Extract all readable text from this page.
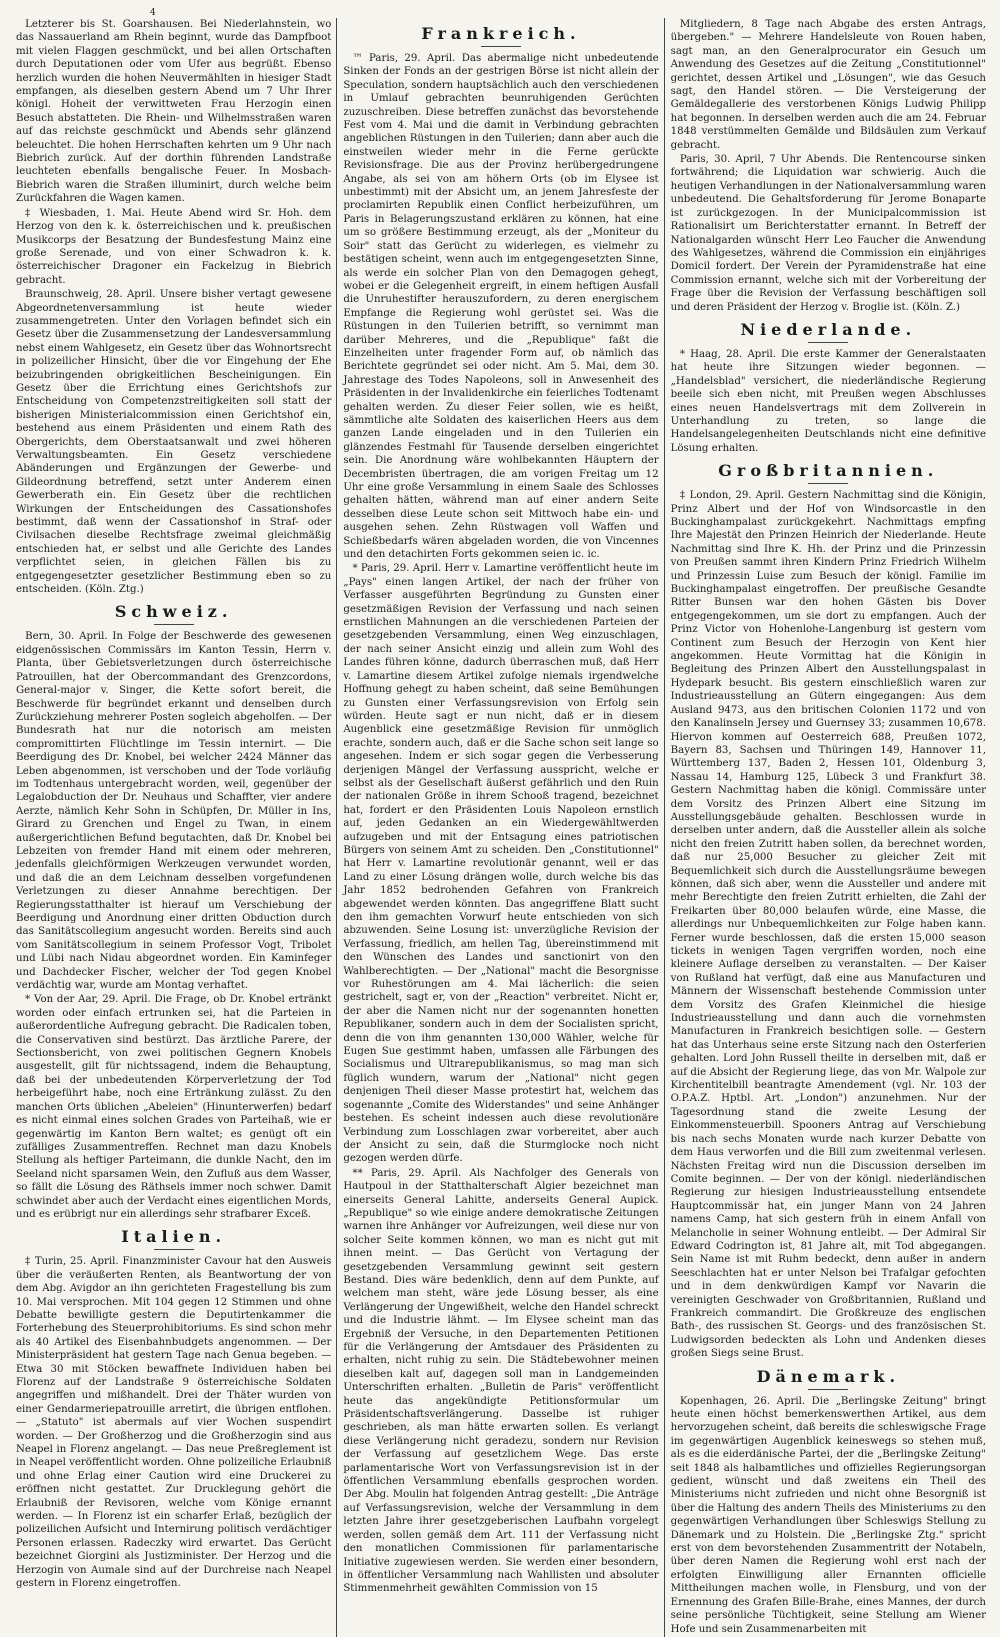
4

Letzterer bis St. Goarshausen. Bei Niederlahnstein, wo das Nassauerland am Rhein beginnt, wurde das Dampfboot mit vielen Flaggen geschmückt, und bei allen Ortschaften durch Deputationen oder vom Ufer aus begrüßt. Ebenso herzlich wurden die hohen Neuvermählten in hiesiger Stadt empfangen, als dieselben gestern Abend um 7 Uhr Ihrer königl. Hoheit der verwittweten Frau Herzogin einen Besuch abstatteten. Die Rhein- und Wilhelmsstraßen waren auf das reichste geschmückt und Abends sehr glänzend beleuchtet. Die hohen Herrschaften kehrten um 9 Uhr nach Biebrich zurück. Auf der dorthin führenden Landstraße leuchteten ebenfalls bengalische Feuer. In Mosbach-Biebrich waren die Straßen illuminirt, durch welche beim Zurückfahren die Wagen kamen.

‡ Wiesbaden, 1. Mai. Heute Abend wird Sr. Hoh. dem Herzog von den k. k. österreichischen und k. preußischen Musikcorps der Besatzung der Bundesfestung Mainz eine große Serenade, und von einer Schwadron k. k. österreichischer Dragoner ein Fackelzug in Biebrich gebracht.

Braunschweig, 28. April. Unsere bisher vertagt gewesene Abgeordnetenversammlung ist heute wieder zusammengetreten. Unter den Vorlagen befindet sich ein Gesetz über die Zusammensetzung der Landesversammlung nebst einem Wahlgesetz, ein Gesetz über das Wohnortsrecht in polizeilicher Hinsicht, über die vor Eingehung der Ehe beizubringenden obrigkeitlichen Bescheinigungen. Ein Gesetz über die Errichtung eines Gerichtshofs zur Entscheidung von Competenzstreitigkeiten soll statt der bisherigen Ministerialcommission einen Gerichtshof ein, bestehend aus einem Präsidenten und einem Rath des Obergerichts, dem Oberstaatsanwalt und zwei höheren Verwaltungsbeamten. Ein Gesetz verschiedene Abänderungen und Ergänzungen der Gewerbe- und Gildeordnung betreffend, setzt unter Anderem einen Gewerberath ein. Ein Gesetz über die rechtlichen Wirkungen der Entscheidungen des Cassationshofes bestimmt, daß wenn der Cassationshof in Straf- oder Civilsachen dieselbe Rechtsfrage zweimal gleichmäßig entschieden hat, er selbst und alle Gerichte des Landes verpflichtet seien, in gleichen Fällen bis zu entgegengesetzter gesetzlicher Bestimmung eben so zu entscheiden. (Köln. Ztg.)

Schweiz.

Bern, 30. April. In Folge der Beschwerde des gewesenen eidgenössischen Commissärs im Kanton Tessin, Herrn v. Planta, über Gebietsverletzungen durch österreichische Patrouillen, hat der Obercommandant des Grenzcordons, General-major v. Singer, die Kette sofort bereit, die Beschwerde für begründet erkannt und denselben durch Zurückziehung mehrerer Posten sogleich abgeholfen. — Der Bundesrath hat nur die notorisch am meisten compromittirten Flüchtlinge im Tessin internirt. — Die Beerdigung des Dr. Knobel, bei welcher 2424 Männer das Leben abgenommen, ist verschoben und der Tode vorläufig im Todtenhaus untergebracht worden, weil, gegenüber der Legalobduction der Dr. Neuhaus und Schaffter, vier andere Aerzte, nämlich Kehr Sohn in Schüpfen, Dr. Müller in Ins, Girard zu Grenchen und Engel zu Twan, in einem außergerichtlichen Befund begutachten, daß Dr. Knobel bei Lebzeiten von fremder Hand mit einem oder mehreren, jedenfalls gleichförmigen Werkzeugen verwundet worden, und daß die an dem Leichnam desselben vorgefundenen Verletzungen zu dieser Annahme berechtigen. Der Regierungsstatthalter ist hierauf um Verschiebung der Beerdigung und Anordnung einer dritten Obduction durch das Sanitätscollegium angesucht worden. Bereits sind auch vom Sanitätscollegium in seinem Professor Vogt, Tribolet und Lübi nach Nidau abgeordnet worden. Ein Kaminfeger und Dachdecker Fischer, welcher der Tod gegen Knobel verdächtig war, wurde am Montag verhaftet.

* Von der Aar, 29. April. Die Frage, ob Dr. Knobel ertränkt worden oder einfach ertrunken sei, hat die Parteien in außerordentliche Aufregung gebracht. Die Radicalen toben, die Conservativen sind bestürzt. Das ärztliche Parere, der Sectionsbericht, von zwei politischen Gegnern Knobels ausgestellt, gilt für nichtssagend, indem die Behauptung, daß bei der unbedeutenden Körperverletzung der Tod herbeigeführt habe, noch eine Ertränkung zulässt. Zu den manchen Orts üblichen „Abeleien" (Hinunterwerfen) bedarf es nicht einmal eines solchen Grades von Parteihaß, wie er gegenwärtig im Kanton Bern waltet; es genügt oft ein zufälliges Zusammentreffen. Rechnet man dazu Knobels Stellung als heftiger Parteimann, die dunkle Nacht, den im Seeland nicht sparsamen Wein, den Zufluß aus dem Wasser, so fällt die Lösung des Räthsels immer noch schwer. Damit schwindet aber auch der Verdacht eines eigentlichen Mords, und es erübrigt nur ein allerdings sehr strafbarer Exceß.

Italien.

‡ Turin, 25. April. Finanzminister Cavour hat den Ausweis über die veräußerten Renten, als Beantwortung der von dem Abg. Avigdor an ihn gerichteten Fragestellung bis zum 10. Mai versprochen. Mit 104 gegen 12 Stimmen und ohne Debatte bewilligte gestern die Deputirtenkammer die Forterhebung des Steuerprohibitoriums. Es sind schon mehr als 40 Artikel des Eisenbahnbudgets angenommen. — Der Ministerpräsident hat gestern Tage nach Genua begeben. — Etwa 30 mit Stöcken bewaffnete Individuen haben bei Florenz auf der Landstraße 9 österreichische Soldaten angegriffen und mißhandelt. Drei der Thäter wurden von einer Gendarmeriepatrouille arretirt, die übrigen entflohen. — „Statuto" ist abermals auf vier Wochen suspendirt worden. — Der Großherzog und die Großherzogin sind aus Neapel in Florenz angelangt. — Das neue Preßreglement ist in Neapel veröffentlicht worden. Ohne polizeiliche Erlaubniß und ohne Erlag einer Caution wird eine Druckerei zu eröffnen nicht gestattet. Zur Drucklegung gehört die Erlaubniß der Revisoren, welche vom Könige ernannt werden. — In Florenz ist ein scharfer Erlaß, bezüglich der polizeilichen Aufsicht und Internirung politisch verdächtiger Personen erlassen. Radeczky wird erwartet. Das Gerücht bezeichnet Giorgini als Justizminister. Der Herzog und die Herzogin von Aumale sind auf der Durchreise nach Neapel gestern in Florenz eingetroffen.

Frankreich.

™ Paris, 29. April. Das abermalige nicht unbedeutende Sinken der Fonds an der gestrigen Börse ist nicht allein der Speculation, sondern hauptsächlich auch den verschiedenen in Umlauf gebrachten beunruhigenden Gerüchten zuzuschreiben. Diese betreffen zunächst das bevorstehende Fest vom 4. Mai und die damit in Verbindung gebrachten angeblichen Rüstungen in den Tuilerien; dann aber auch die einstweilen wieder mehr in die Ferne gerückte Revisionsfrage. Die aus der Provinz herübergedrungene Angabe, als sei von am höhern Orts (ob im Elysee ist unbestimmt) mit der Absicht um, an jenem Jahresfeste der proclamirten Republik einen Conflict herbeizuführen, um Paris in Belagerungszustand erklären zu können, hat eine um so größere Bestimmung erzeugt, als der „Moniteur du Soir" statt das Gerücht zu widerlegen, es vielmehr zu bestätigen scheint, wenn auch im entgegengesetzten Sinne, als werde ein solcher Plan von den Demagogen gehegt, wobei er die Gelegenheit ergreift, in einem heftigen Ausfall die Unruhestifter herauszufordern, zu deren energischem Empfange die Regierung wohl gerüstet sei. Was die Rüstungen in den Tuilerien betrifft, so vernimmt man darüber Mehreres, und die „Republique" faßt die Einzelheiten unter fragender Form auf, ob nämlich das Berichtete gegründet sei oder nicht. Am 5. Mai, dem 30. Jahrestage des Todes Napoleons, soll in Anwesenheit des Präsidenten in der Invalidenkirche ein feierliches Todtenamt gehalten werden. Zu dieser Feier sollen, wie es heißt, sämmtliche alte Soldaten des kaiserlichen Heers aus dem ganzen Lande eingeladen und in den Tuilerien ein glänzendes Festmahl für Tausende derselben eingerichtet sein. Die Anordnung wäre wohlbekannten Häuptern der Decembristen übertragen, die am vorigen Freitag um 12 Uhr eine große Versammlung in einem Saale des Schlosses gehalten hätten, während man auf einer andern Seite desselben diese Leute schon seit Mittwoch habe ein- und ausgehen sehen. Zehn Rüstwagen voll Waffen und Schießbedarfs wären abgeladen worden, die von Vincennes und den detachirten Forts gekommen seien ic. ic.

* Paris, 29. April. Herr v. Lamartine veröffentlicht heute im „Pays" einen langen Artikel, der nach der früher von Verfasser ausgeführten Begründung zu Gunsten einer gesetzmäßigen Revision der Verfassung und nach seinen ernstlichen Mahnungen an die verschiedenen Parteien der gesetzgebenden Versammlung, einen Weg einzuschlagen, der nach seiner Ansicht einzig und allein zum Wohl des Landes führen könne, dadurch überraschen muß, daß Herr v. Lamartine diesem Artikel zufolge niemals irgendwelche Hoffnung gehegt zu haben scheint, daß seine Bemühungen zu Gunsten einer Verfassungsrevision von Erfolg sein würden. Heute sagt er nun nicht, daß er in diesem Augenblick eine gesetzmäßige Revision für unmöglich erachte, sondern auch, daß er die Sache schon seit lange so angesehen. Indem er sich sogar gegen die Verbesserung derjenigen Mängel der Verfassung ausspricht, welche er selbst als der Gesellschaft äußerst gefährlich und den Ruin der nationalen Größe in ihrem Schooß tragend, bezeichnet hat, fordert er den Präsidenten Louis Napoleon ernstlich auf, jeden Gedanken an ein Wiedergewähltwerden aufzugeben und mit der Entsagung eines patriotischen Bürgers von seinem Amt zu scheiden. Den „Constitutionnel" hat Herr v. Lamartine revolutionär genannt, weil er das Land zu einer Lösung drängen wolle, durch welche bis das Jahr 1852 bedrohenden Gefahren von Frankreich abgewendet werden könnten. Das angegriffene Blatt sucht den ihm gemachten Vorwurf heute entschieden von sich abzuwenden. Seine Losung ist: unverzügliche Revision der Verfassung, friedlich, am hellen Tag, übereinstimmend mit den Wünschen des Landes und sanctionirt von den Wahlberechtigten. — Der „National" macht die Besorgnisse vor Ruhestörungen am 4. Mai lächerlich: die seien gestrichelt, sagt er, von der „Reaction" verbreitet. Nicht er, der aber die Namen nicht nur der sogenannten honetten Republikaner, sondern auch in dem der Socialisten spricht, denn die von ihm genannten 130,000 Wähler, welche für Eugen Sue gestimmt haben, umfassen alle Färbungen des Socialismus und Ultrarepublikanismus, so mag man sich füglich wundern, warum der „National" nicht gegen denjenigen Theil dieser Masse protestirt hat, welchem das sogenannte „Comite des Widerstandes" und seine Anhänger bestehen. Es scheint indessen auch diese revolutionäre Verbindung zum Losschlagen zwar vorbereitet, aber auch der Ansicht zu sein, daß die Sturmglocke noch nicht gezogen werden dürfe.

** Paris, 29. April. Als Nachfolger des Generals von Hautpoul in der Statthalterschaft Algier bezeichnet man einerseits General Lahitte, anderseits General Aupick. „Republique" so wie einige andere demokratische Zeitungen warnen ihre Anhänger vor Aufreizungen, weil diese nur von solcher Seite kommen können, wo man es nicht gut mit ihnen meint. — Das Gerücht von Vertagung der gesetzgebenden Versammlung gewinnt seit gestern Bestand. Dies wäre bedenklich, denn auf dem Punkte, auf welchem man steht, wäre jede Lösung besser, als eine Verlängerung der Ungewißheit, welche den Handel schreckt und die Industrie lähmt. — Im Elysee scheint man das Ergebniß der Versuche, in den Departementen Petitionen für die Verlängerung der Amtsdauer des Präsidenten zu erhalten, nicht ruhig zu sein. Die Städtebewohner meinen dieselben kalt auf, dagegen soll man in Landgemeinden Unterschriften erhalten. „Bulletin de Paris" veröffentlicht heute das angekündigte Petitionsformular um Präsidentschaftsverlängerung. Dasselbe ist ruhiger geschrieben, als man hätte erwarten sollen. Es verlangt diese Verlängerung nicht geradezu, sondern nur Revision der Verfassung auf gesetzlichem Wege. Das erste parlamentarische Wort von Verfassungsrevision ist in der öffentlichen Versammlung ebenfalls gesprochen worden. Der Abg. Moulin hat folgenden Antrag gestellt: „Die Anträge auf Verfassungsrevision, welche der Versammlung in dem letzten Jahre ihrer gesetzgeberischen Laufbahn vorgelegt werden, sollen gemäß dem Art. 111 der Verfassung nicht den monatlichen Commissionen für parlamentarische Initiative zugewiesen werden. Sie werden einer besondern, in öffentlicher Versammlung nach Wahllisten und absoluter Stimmenmehrheit gewählten Commission von 15

Mitgliedern, 8 Tage nach Abgabe des ersten Antrags, übergeben." — Mehrere Handelsleute von Rouen haben, sagt man, an den Generalprocurator ein Gesuch um Anwendung des Gesetzes auf die Zeitung „Constitutionnel" gerichtet, dessen Artikel und „Lösungen", wie das Gesuch sagt, den Handel stören. — Die Versteigerung der Gemäldegallerie des verstorbenen Königs Ludwig Philipp hat begonnen. In derselben werden auch die am 24. Februar 1848 verstümmelten Gemälde und Bildsäulen zum Verkauf gebracht.

Paris, 30. April, 7 Uhr Abends. Die Rentencourse sinken fortwährend; die Liquidation war schwierig. Auch die heutigen Verhandlungen in der Nationalversammlung waren unbedeutend. Die Gehaltsforderung für Jerome Bonaparte ist zurückgezogen. In der Municipalcommission ist Rationalisirt um Berichterstatter ernannt. In Betreff der Nationalgarden wünscht Herr Leo Faucher die Anwendung des Wahlgesetzes, während die Commission ein einjähriges Domicil fordert. Der Verein der Pyramidenstraße hat eine Commission ernannt, welche sich mit der Vorbereitung der Frage über die Revision der Verfassung beschäftigen soll und deren Präsident der Herzog v. Broglie ist. (Köln. Z.)

Niederlande.

* Haag, 28. April. Die erste Kammer der Generalstaaten hat heute ihre Sitzungen wieder begonnen. — „Handelsblad" versichert, die niederländische Regierung beeile sich eben nicht, mit Preußen wegen Abschlusses eines neuen Handelsvertrags mit dem Zollverein in Unterhandlung zu treten, so lange die Handelsangelegenheiten Deutschlands nicht eine definitive Lösung erhalten.

Großbritannien.

‡ London, 29. April. Gestern Nachmittag sind die Königin, Prinz Albert und der Hof von Windsorcastle in den Buckinghampalast zurückgekehrt. Nachmittags empfing Ihre Majestät den Prinzen Heinrich der Niederlande. Heute Nachmittag sind Ihre K. Hh. der Prinz und die Prinzessin von Preußen sammt ihren Kindern Prinz Friedrich Wilhelm und Prinzessin Luise zum Besuch der königl. Familie im Buckinghampalast eingetroffen. Der preußische Gesandte Ritter Bunsen war den hohen Gästen bis Dover entgegengekommen, um sie dort zu empfangen. Auch der Prinz Victor von Hohenlohe-Langenburg ist gestern vom Continent zum Besuch der Herzogin von Kent hier angekommen. Heute Vormittag hat die Königin in Begleitung des Prinzen Albert den Ausstellungspalast in Hydepark besucht. Bis gestern einschließlich waren zur Industrieausstellung an Gütern eingegangen: Aus dem Ausland 9473, aus den britischen Colonien 1172 und von den Kanalinseln Jersey und Guernsey 33; zusammen 10,678. Hiervon kommen auf Oesterreich 688, Preußen 1072, Bayern 83, Sachsen und Thüringen 149, Hannover 11, Württemberg 137, Baden 2, Hessen 101, Oldenburg 3, Nassau 14, Hamburg 125, Lübeck 3 und Frankfurt 38. Gestern Nachmittag haben die königl. Commissäre unter dem Vorsitz des Prinzen Albert eine Sitzung im Ausstellungsgebäude gehalten. Beschlossen wurde in derselben unter andern, daß die Aussteller allein als solche nicht den freien Zutritt haben sollen, da berechnet worden, daß nur 25,000 Besucher zu gleicher Zeit mit Bequemlichkeit sich durch die Ausstellungsräume bewegen können, daß sich aber, wenn die Aussteller und andere mit mehr Berechtigte den freien Zutritt erhielten, die Zahl der Freikarten über 80,000 belaufen würde, eine Masse, die allerdings nur Unbequemlichkeiten zur Folge haben kann. Ferner wurde beschlossen, daß die ersten 15,000 season tickets in wenigen Tagen vergriffen worden, noch eine kleinere Auflage derselben zu veranstalten. — Der Kaiser von Rußland hat verfügt, daß eine aus Manufacturen und Männern der Wissenschaft bestehende Commission unter dem Vorsitz des Grafen Kleinmichel die hiesige Industrieausstellung und dann auch die vornehmsten Manufacturen in Frankreich besichtigen solle. — Gestern hat das Unterhaus seine erste Sitzung nach den Osterferien gehalten. Lord John Russell theilte in derselben mit, daß er auf die Absicht der Regierung liege, das von Mr. Walpole zur Kirchentitelbill beantragte Amendement (vgl. Nr. 103 der O.P.A.Z. Hptbl. Art. „London") anzunehmen. Nur der Tagesordnung stand die zweite Lesung der Einkommensteuerbill. Spooners Antrag auf Verschiebung bis nach sechs Monaten wurde nach kurzer Debatte von dem Haus verworfen und die Bill zum zweitenmal verlesen. Nächsten Freitag wird nun die Discussion derselben im Comite beginnen. — Der von der königl. niederländischen Regierung zur hiesigen Industrieausstellung entsendete Hauptcommissär hat, ein junger Mann von 24 Jahren namens Camp, hat sich gestern früh in einem Anfall von Melancholie in seiner Wohnung entleibt. — Der Admiral Sir Edward Codrington ist, 81 Jahre alt, mit Tod abgegangen. Sein Name ist mit Ruhm bedeckt, denn außer in andern Seeschlachten hat er unter Nelson bei Trafalgar gefochten und in dem denkwürdigen Kampf vor Navarin die vereinigten Geschwader von Großbritannien, Rußland und Frankreich commandirt. Die Großkreuze des englischen Bath-, des russischen St. Georgs- und des französischen St. Ludwigsorden bedeckten als Lohn und Andenken dieses großen Siegs seine Brust.

Dänemark.

Kopenhagen, 26. April. Die „Berlingske Zeitung" bringt heute einen höchst bemerkenswerthen Artikel, aus dem hervorzugehen scheint, daß bereits die schleswigsche Frage im gegenwärtigen Augenblick keineswegs so stehen muß, als es die eiderdänische Partei, der die „Berlingske Zeitung" seit 1848 als halbamtliches und offizielles Regierungsorgan gedient, wünscht und daß zweitens ein Theil des Ministeriums nicht zufrieden und nicht ohne Besorgniß ist über die Haltung des andern Theils des Ministeriums zu den gegenwärtigen Verhandlungen über Schleswigs Stellung zu Dänemark und zu Holstein. Die „Berlingske Ztg." spricht erst von dem bevorstehenden Zusammentritt der Notabeln, über deren Namen die Regierung wohl erst nach der erfolgten Einwilligung aller Ernannten officielle Mittheilungen machen wolle, in Flensburg, und von der Ernennung des Grafen Bille-Brahe, eines Mannes, der durch seine persönliche Tüchtigkeit, seine Stellung am Wiener Hofe und sein Zusammenarbeiten mit
